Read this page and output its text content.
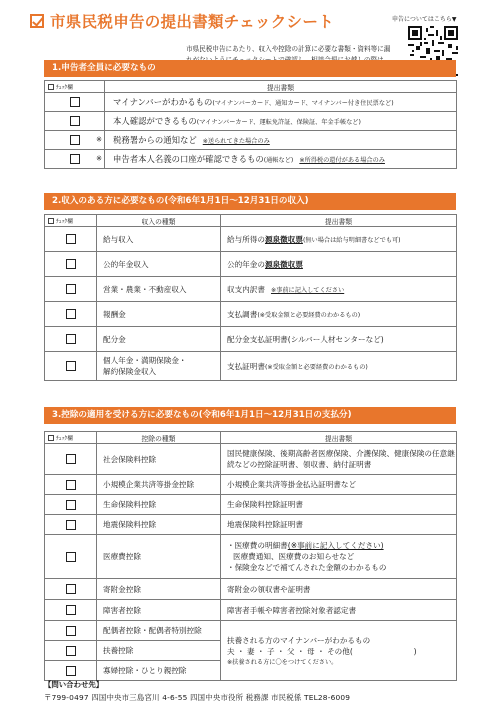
市県民税申告の提出書類チェックシート	申告についてはこちら▼
市県民税申告にあたり、収入や控除の計算に必要な書類・資料等に漏
1.申告者全員に必要なもの
ﾁｪｯｸ欄	提出書類
	マイナンバーがわかるもの(マイナンバーカード、通知カード、マイナンバー付き住民票など)
	本人確認ができるもの(マイナンバーカード、運転免許証、保険証、年金手帳など)

※	税務署からの通知など ※送られてきた場合のみ

※	申告者本人名義の口座が確認できるもの(通帳など) ※所得税の還付がある場合のみ
2.収入のある方に必要なもの(令和6年1月1日～12月31日の収入)
ﾁｪｯｸ欄	収入の種類	提出書類
	給与収入	給与所得の源泉徴収票(無い場合は給与明細書などでも可)
	公的年金収入	公的年金の源泉徴収票
	営業・農業・不動産収入	収支内訳書 ※事前に記入してください
	報酬金	支払調書(※受取金額と必要経費のわかるもの)
	配分金	配分金支払証明書(シルバー人材センターなど)

	個人年金・満期保険金・
解約保険金収入	支払証明書(※受取金額と必要経費のわかるもの)
3.控除の適用を受ける方に必要なもの(令和6年1月1日～12月31日の支払分)
ﾁｪｯｸ欄	控除の種類	提出書類
	社会保険料控除	国民健康保険、後期高齢者医療保険、介護保険、健康保険の任意継
続などの控除証明書、領収書、納付証明書

	小規模企業共済等掛金控除	小規模企業共済等掛金払込証明書など
	生命保険料控除	生命保険料控除証明書
	地震保険料控除	地震保険料控除証明書
	医療費控除	・医療費の明細書(※事前に記入してください)
医療費通知、医療費のお知らせなど
・保険金などで補てんされた金額のわかるもの

	寄附金控除	寄附金の領収書や証明書
	障害者控除	障害者手帳や障害者控除対象者認定書
	配偶者控除・配偶者特別控除	扶養される方のマイナンバーがわかるもの
夫 ・ 妻 ・ 子 ・ 父 ・ 母 ・ その他(　　　　　　　　)
※扶養される方に〇をつけてください。

	扶養控除	
	寡婦控除・ひとり親控除	
【問い合わせ先】
〒799-0497 四国中央市三島宮川 4-6-55 四国中央市役所 税務課 市民税係 TEL28-6009
